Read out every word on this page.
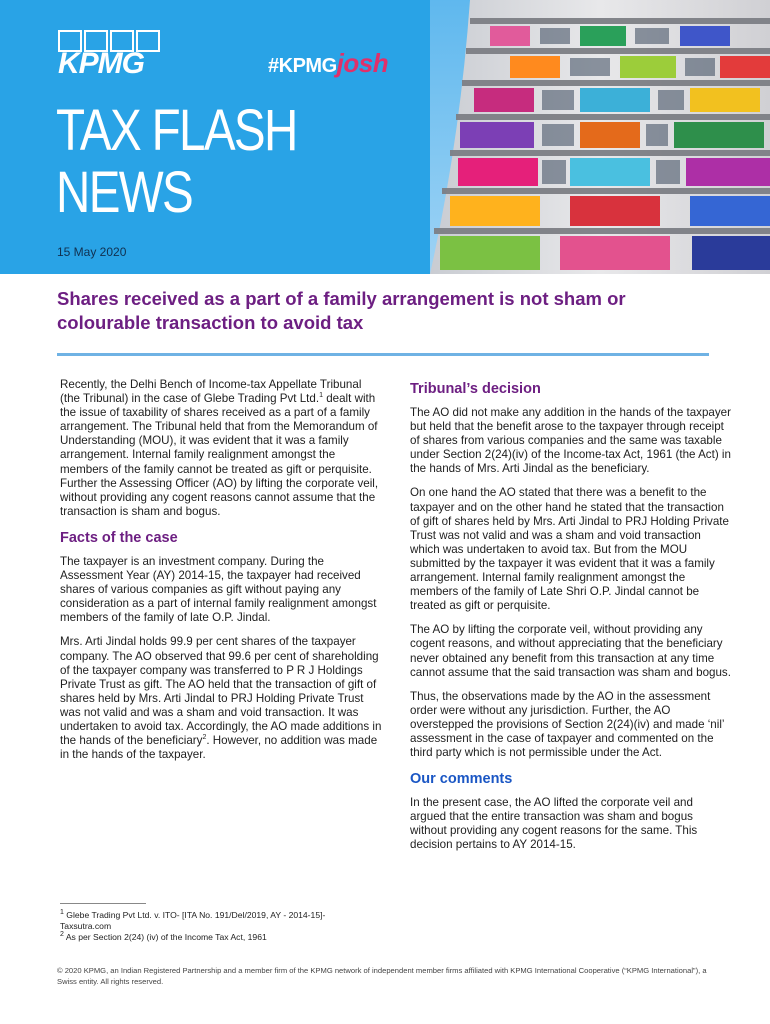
KPMG	#KPMGjosh
TAX FLASH
NEWS
15 May 2020
Shares received as a part of a family arrangement is not sham or colourable transaction to avoid tax

Recently, the Delhi Bench of Income-tax Appellate Tribunal (the Tribunal) in the case of Glebe Trading Pvt Ltd.$^1$ dealt with the issue of taxability of shares received as a part of a family arrangement. The Tribunal held that from the Memorandum of Understanding (MOU), it was evident that it was a family arrangement. Internal family realignment amongst the members of the family cannot be treated as gift or perquisite. Further the Assessing Officer (AO) by lifting the corporate veil, without providing any cogent reasons cannot assume that the transaction is sham and bogus.

Facts of the case

The taxpayer is an investment company. During the Assessment Year (AY) 2014-15, the taxpayer had received shares of various companies as gift without paying any consideration as a part of internal family realignment amongst members of the family of late O.P. Jindal.

Mrs. Arti Jindal holds 99.9 per cent shares of the taxpayer company. The AO observed that 99.6 per cent of shareholding of the taxpayer company was transferred to P R J Holdings Private Trust as gift. The AO held that the transaction of gift of shares held by Mrs. Arti Jindal to PRJ Holding Private Trust was not valid and was a sham and void transaction. It was undertaken to avoid tax. Accordingly, the AO made additions in the hands of the beneficiary$^2$. However, no addition was made in the hands of the taxpayer.

Tribunal’s decision

The AO did not make any addition in the hands of the taxpayer but held that the benefit arose to the taxpayer through receipt of shares from various companies and the same was taxable under Section 2(24)(iv) of the Income-tax Act, 1961 (the Act) in the hands of Mrs. Arti Jindal as the beneficiary.

On one hand the AO stated that there was a benefit to the taxpayer and on the other hand he stated that the transaction of gift of shares held by Mrs. Arti Jindal to PRJ Holding Private Trust was not valid and was a sham and void transaction which was undertaken to avoid tax. But from the MOU submitted by the taxpayer it was evident that it was a family arrangement. Internal family realignment amongst the members of the family of Late Shri O.P. Jindal cannot be treated as gift or perquisite.

The AO by lifting the corporate veil, without providing any cogent reasons, and without appreciating that the beneficiary never obtained any benefit from this transaction at any time cannot assume that the said transaction was sham and bogus.

Thus, the observations made by the AO in the assessment order were without any jurisdiction. Further, the AO overstepped the provisions of Section 2(24)(iv) and made ‘nil’ assessment in the case of taxpayer and commented on the third party which is not permissible under the Act.

Our comments

In the present case, the AO lifted the corporate veil and argued that the entire transaction was sham and bogus without providing any cogent reasons for the same. This decision pertains to AY 2014-15.

$^1$ Glebe Trading Pvt Ltd. v. ITO- [ITA No. 191/Del/2019, AY - 2014-15]- Taxsutra.com
$^2$ As per Section 2(24) (iv) of the Income Tax Act, 1961
© 2020 KPMG, an Indian Registered Partnership and a member firm of the KPMG network of independent member firms affiliated with KPMG International Cooperative (“KPMG International”), a Swiss entity. All rights reserved.
